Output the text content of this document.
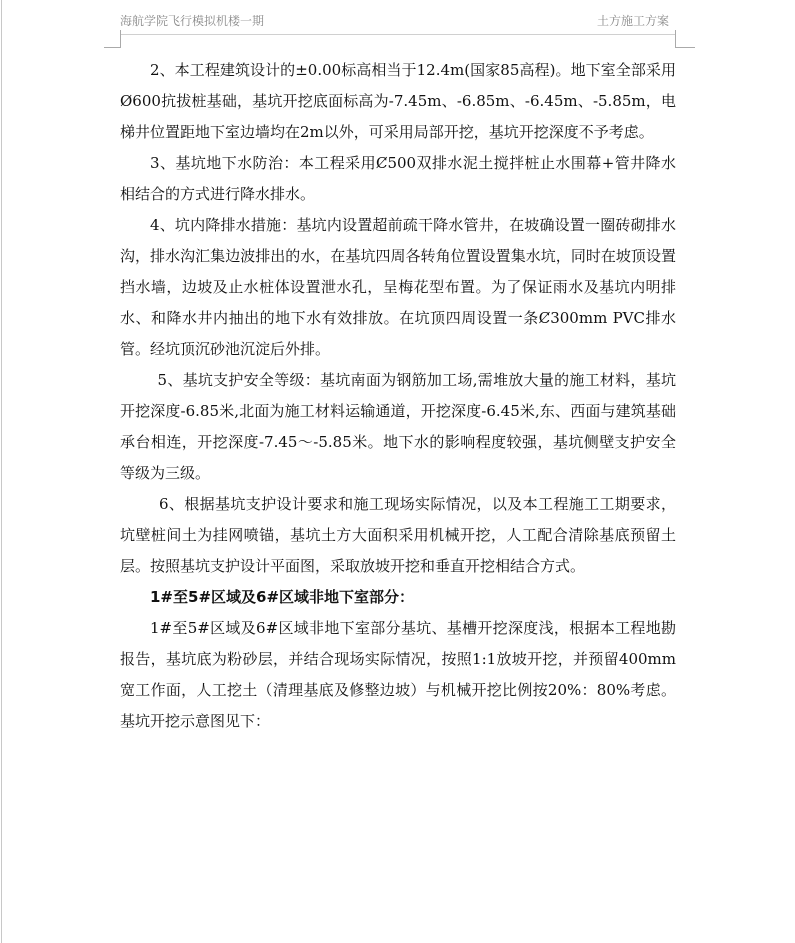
海航学院飞行模拟机楼一期	土方施工方案

2、本工程建筑设计的±0.00标高相当于12.4m(国家85高程)。地下室全部采用Ø600抗拔桩基础，基坑开挖底面标高为-7.45m、-6.85m、-6.45m、-5.85m，电梯井位置距地下室边墙均在2m以外，可采用局部开挖，基坑开挖深度不予考虑。

3、基坑地下水防治：本工程采用Ȼ500双排水泥土搅拌桩止水围幕+管井降水相结合的方式进行降水排水。

4、坑内降排水措施：基坑内设置超前疏干降水管井，在坡确设置一圈砖砌排水沟，排水沟汇集边波排出的水，在基坑四周各转角位置设置集水坑，同时在坡顶设置挡水墙，边坡及止水桩体设置泄水孔，呈梅花型布置。为了保证雨水及基坑内明排水、和降水井内抽出的地下水有效排放。在坑顶四周设置一条Ȼ300mm PVC排水管。经坑顶沉砂池沉淀后外排。

5、基坑支护安全等级：基坑南面为钢筋加工场,需堆放大量的施工材料，基坑开挖深度-6.85米,北面为施工材料运输通道，开挖深度-6.45米,东、西面与建筑基础承台相连，开挖深度-7.45～-5.85米。地下水的影响程度较强，基坑侧壁支护安全等级为三级。

6、根据基坑支护设计要求和施工现场实际情况，以及本工程施工工期要求，坑壁桩间土为挂网喷锚，基坑土方大面积采用机械开挖，人工配合清除基底预留土层。按照基坑支护设计平面图，采取放坡开挖和垂直开挖相结合方式。

1#至5#区域及6#区域非地下室部分：

1#至5#区域及6#区域非地下室部分基坑、基槽开挖深度浅，根据本工程地勘报告，基坑底为粉砂层，并结合现场实际情况，按照1:1放坡开挖，并预留400mm宽工作面，人工挖土（清理基底及修整边坡）与机械开挖比例按20%：80%考虑。基坑开挖示意图见下：
